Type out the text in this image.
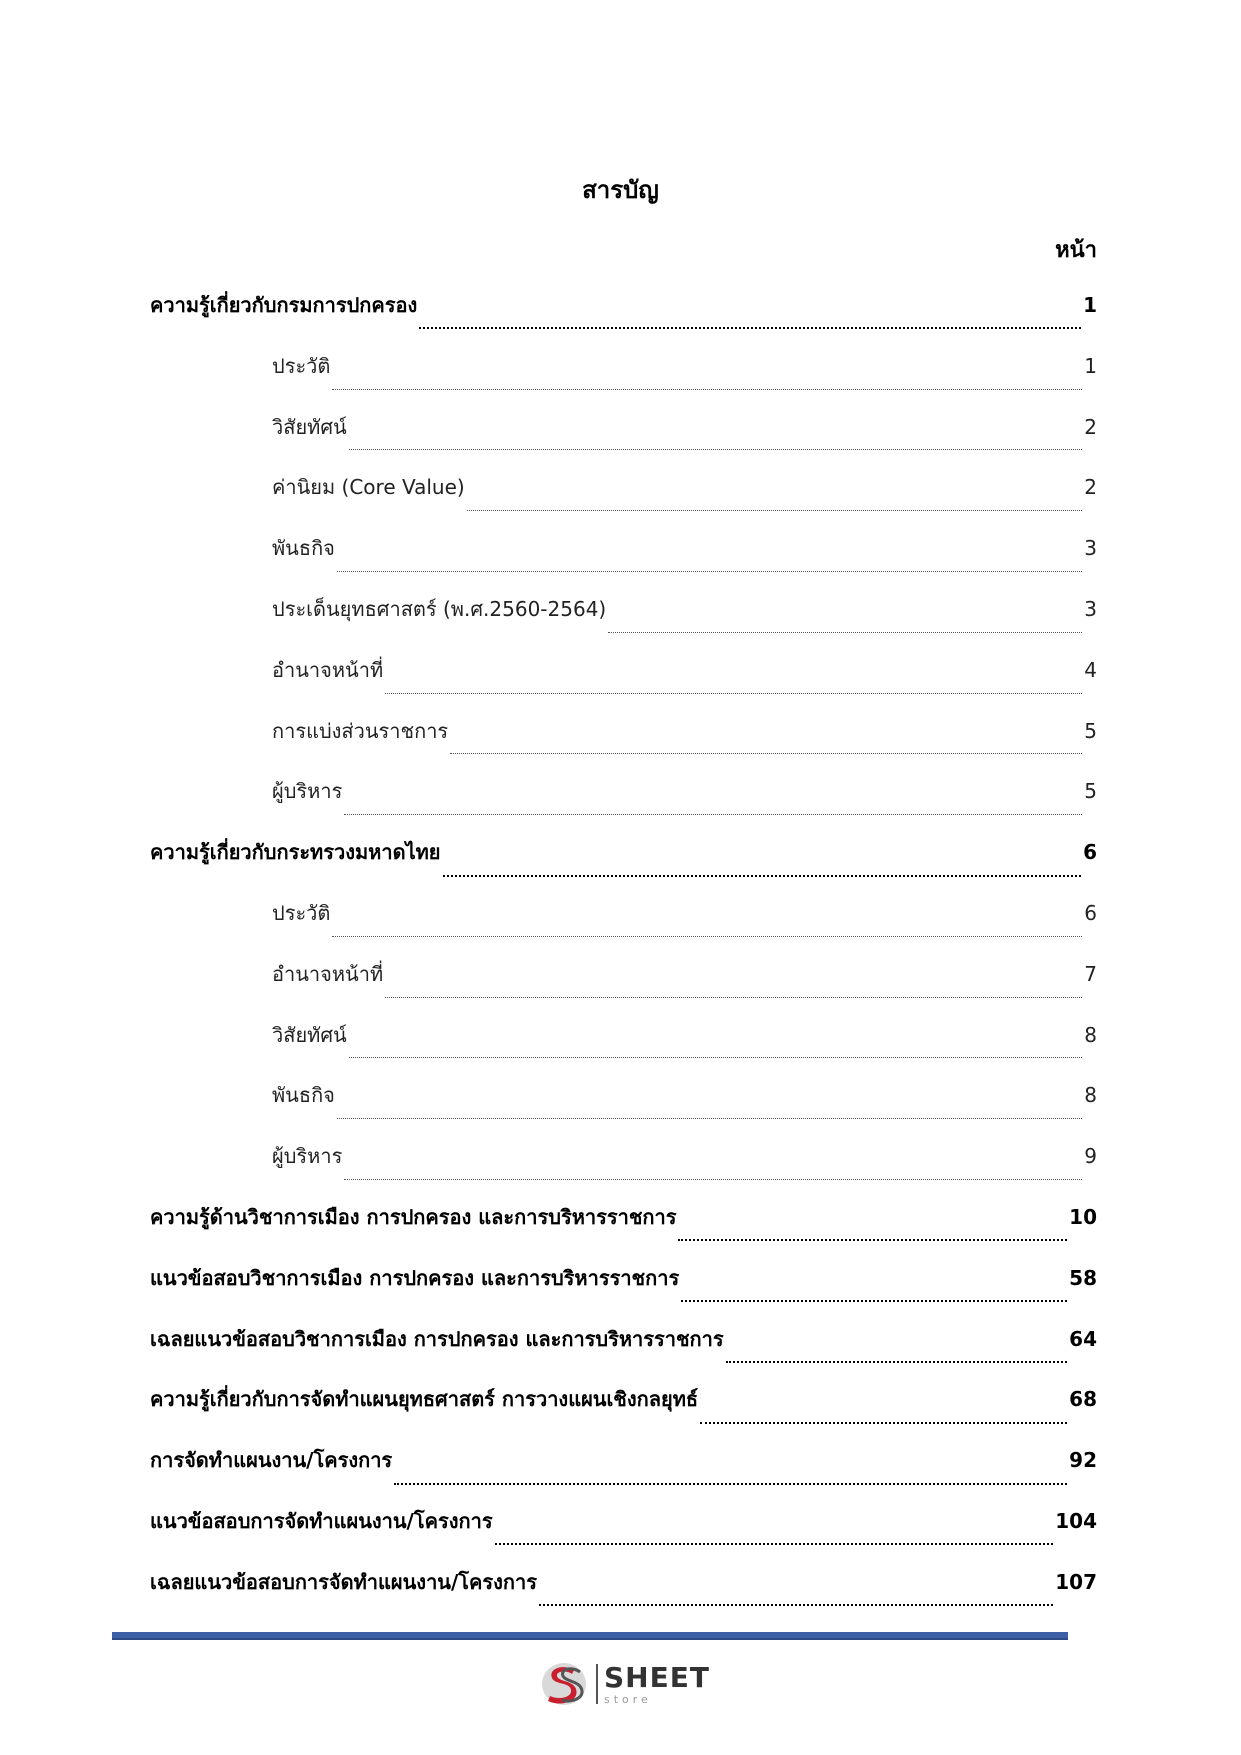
สารบัญ
หน้า
ความรู้เกี่ยวกับกรมการปกครอง	1
ประวัติ	1
วิสัยทัศน์	2
ค่านิยม (Core Value)	2
พันธกิจ	3
ประเด็นยุทธศาสตร์ (พ.ศ.2560-2564)	3
อำนาจหน้าที่	4
การแบ่งส่วนราชการ	5
ผู้บริหาร	5
ความรู้เกี่ยวกับกระทรวงมหาดไทย	6
ประวัติ	6
อำนาจหน้าที่	7
วิสัยทัศน์	8
พันธกิจ	8
ผู้บริหาร	9
ความรู้ด้านวิชาการเมือง การปกครอง และการบริหารราชการ	10
แนวข้อสอบวิชาการเมือง การปกครอง และการบริหารราชการ	58
เฉลยแนวข้อสอบวิชาการเมือง การปกครอง และการบริหารราชการ	64
ความรู้เกี่ยวกับการจัดทำแผนยุทธศาสตร์ การวางแผนเชิงกลยุทธ์	68
การจัดทำแผนงาน/โครงการ	92
แนวข้อสอบการจัดทำแผนงาน/โครงการ	104
เฉลยแนวข้อสอบการจัดทำแผนงาน/โครงการ	107
SHEET
store
